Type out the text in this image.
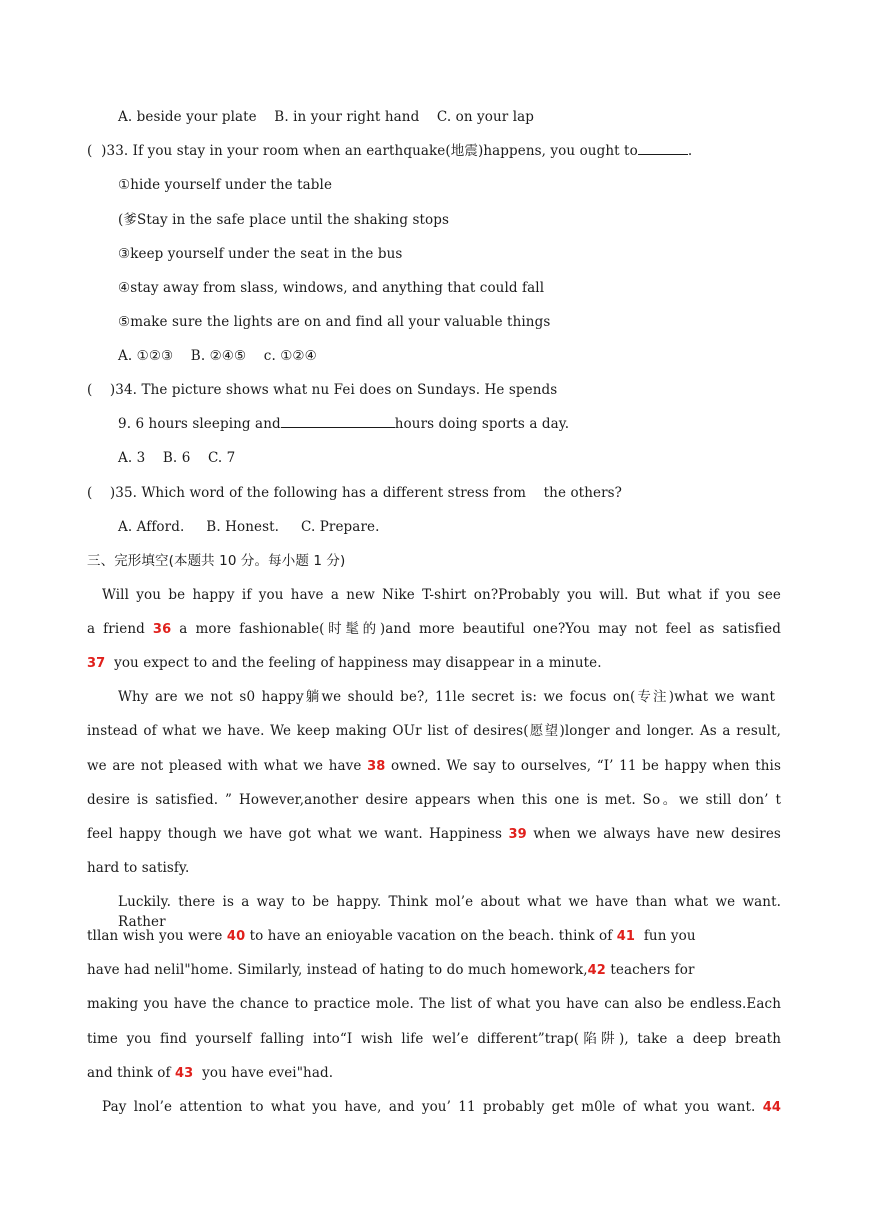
A. beside your plate    B. in your right hand    C. on your lap
(  )33. If you stay in your room when an earthquake(地震)happens, you ought to	.
①hide yourself under the table
(爹Stay in the safe place until the shaking stops
③keep yourself under the seat in the bus
④stay away from slass, windows, and anything that could fall
⑤make sure the lights are on and find all your valuable things
A. ①②③    B. ②④⑤    c. ①②④
(    )34. The picture shows what nu Fei does on Sundays. He spends
9. 6 hours sleeping and	hours doing sports a day.
A. 3    B. 6    C. 7
(    )35. Which word of the following has a different stress from    the others?
A. Afford.     B. Honest.     C. Prepare.
三、完形填空(本题共 10 分。每小题 1 分)
Will you be happy if you have a new Nike T-shirt on?Probably you will. But what if you see
a friend 36 a more fashionable(时髦的)and more beautiful one?You may not feel as satisfied
37 you expect to and the feeling of happiness may disappear in a minute.
Why are we not s0 happy躺we should be?, 11le secret is: we focus on(专注)what we want
instead of what we have. We keep making OUr list of desires(愿望)longer and longer. As a result,
we are not pleased with what we have 38 owned. We say to ourselves, “I’ 11 be happy when this
desire is satisfied. ” However,another desire appears when this one is met. So。we still don’ t
feel happy though we have got what we want. Happiness 39 when we always have new desires
hard to satisfy.
Luckily. there is a way to be happy. Think mol’e about what we have than what we want. Rather
tllan wish you were 40 to have an enioyable vacation on the beach. think of 41 fun you
have had nelil"home. Similarly, instead of hating to do much homework,42 teachers for
making you have the chance to practice mole. The list of what you have can also be endless.Each
time you find yourself falling into“I wish life wel’e different”trap(陷阱), take a deep breath
and think of 43 you have evei"had.
Pay lnol’e attention to what you have, and you’ 11 probably get m0le of what you want. 44
